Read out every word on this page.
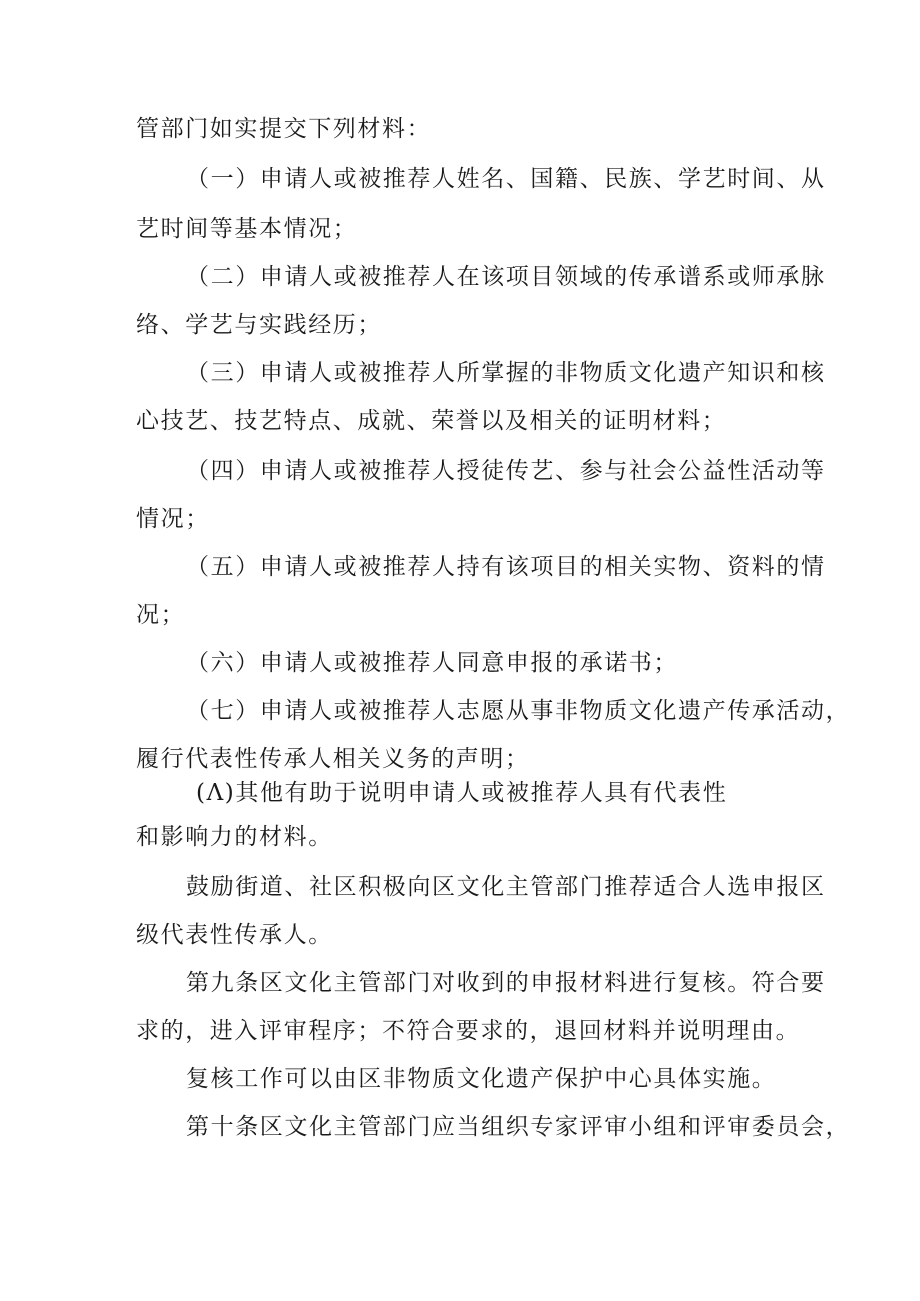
管部门如实提交下列材料：
（一）申请人或被推荐人姓名、国籍、民族、学艺时间、从
艺时间等基本情况；
（二）申请人或被推荐人在该项目领域的传承谱系或师承脉
络、学艺与实践经历；
（三）申请人或被推荐人所掌握的非物质文化遗产知识和核
心技艺、技艺特点、成就、荣誉以及相关的证明材料；
（四）申请人或被推荐人授徒传艺、参与社会公益性活动等
情况；
（五）申请人或被推荐人持有该项目的相关实物、资料的情
况；
（六）申请人或被推荐人同意申报的承诺书；
（七）申请人或被推荐人志愿从事非物质文化遗产传承活动，
履行代表性传承人相关义务的声明；
(Λ)其他有助于说明申请人或被推荐人具有代表性
和影响力的材料。
鼓励街道、社区积极向区文化主管部门推荐适合人选申报区
级代表性传承人。
第九条区文化主管部门对收到的申报材料进行复核。符合要
求的，进入评审程序；不符合要求的，退回材料并说明理由。
复核工作可以由区非物质文化遗产保护中心具体实施。
第十条区文化主管部门应当组织专家评审小组和评审委员会，
